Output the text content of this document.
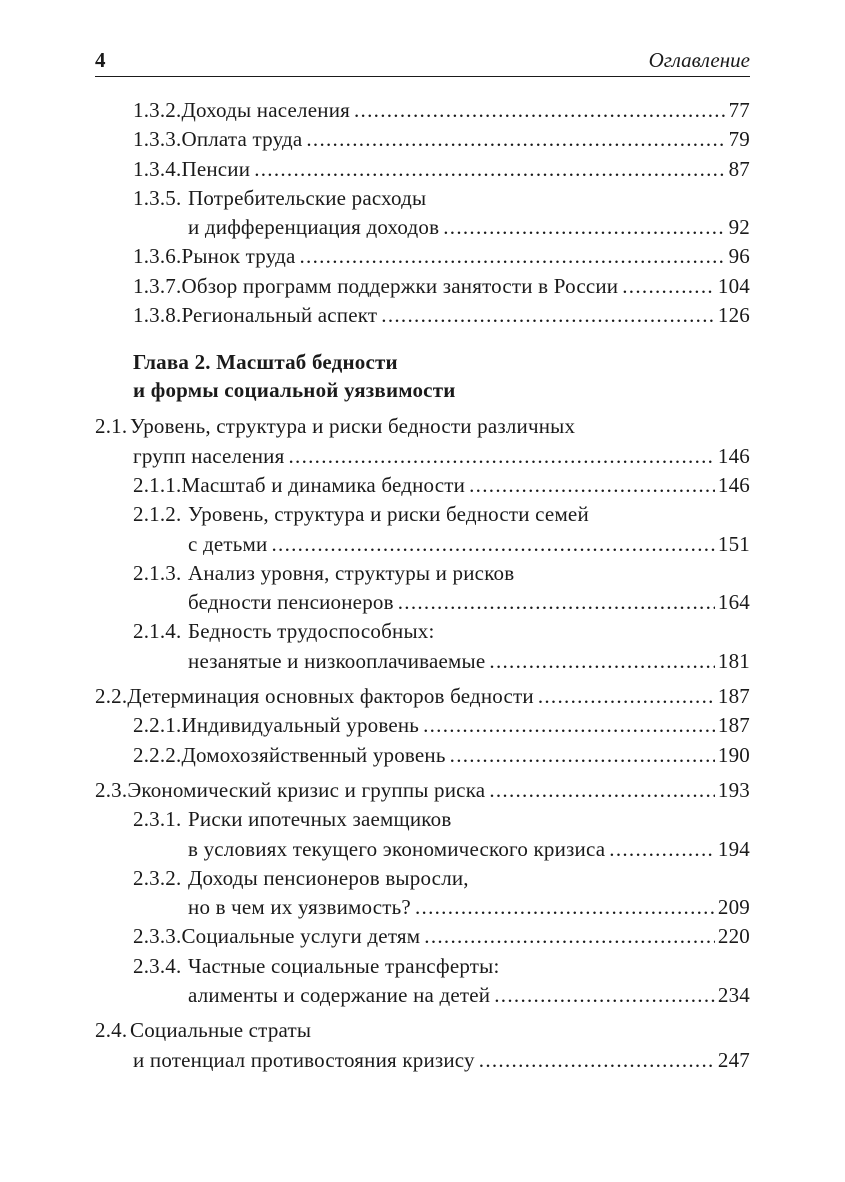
4	Оглавление
1.3.2. Доходы населения .....	77
1.3.3. Оплата труда .....	79
1.3.4. Пенсии .....	87
1.3.5. Потребительские расходы
и дифференциация доходов .....	92
1.3.6. Рынок труда .....	96
1.3.7. Обзор программ поддержки занятости в России .....	104
1.3.8. Региональный аспект .....	126
Глава 2. Масштаб бедности
и формы социальной уязвимости
2.1. Уровень, структура и риски бедности различных
групп населения .....	146
2.1.1. Масштаб и динамика бедности .....	146
2.1.2. Уровень, структура и риски бедности семей
с детьми .....	151
2.1.3. Анализ уровня, структуры и рисков
бедности пенсионеров .....	164
2.1.4. Бедность трудоспособных:
незанятые и низкооплачиваемые .....	181
2.2. Детерминация основных факторов бедности .....	187
2.2.1. Индивидуальный уровень .....	187
2.2.2. Домохозяйственный уровень .....	190
2.3. Экономический кризис и группы риска .....	193
2.3.1. Риски ипотечных заемщиков
в условиях текущего экономического кризиса .....	194
2.3.2. Доходы пенсионеров выросли,
но в чем их уязвимость? .....	209
2.3.3. Социальные услуги детям .....	220
2.3.4. Частные социальные трансферты:
алименты и содержание на детей .....	234
2.4. Социальные страты
и потенциал противостояния кризису .....	247
